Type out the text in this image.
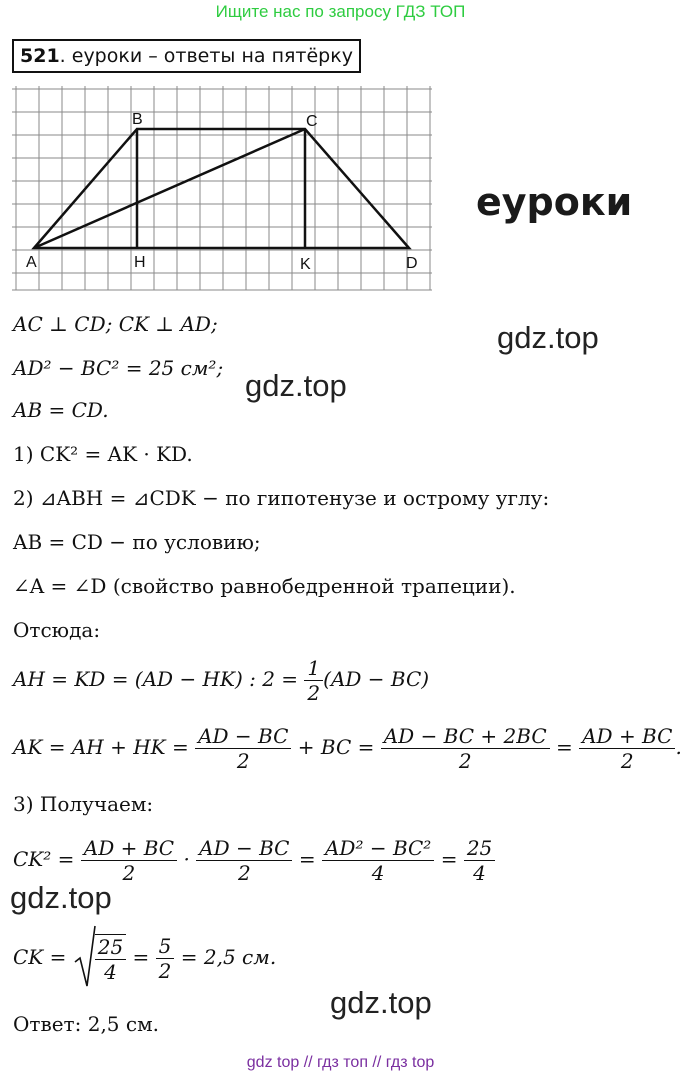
Ищите нас по запросу ГДЗ ТОП
521. еуроки – ответы на пятёрку
B	C
A	H	K	D
еуроки
gdz.top
gdz.top
gdz.top
gdz.top
AC ⊥ CD; CK ⊥ AD;
AD² − BC² = 25 см²;
AB = CD.
1) CK² = AK · KD.
2) ⊿ABH = ⊿CDK − по гипотенузе и острому углу:
AB = CD − по условию;
∠A = ∠D (свойство равнобедренной трапеции).
Отсюда:
AH = KD = (AD − HK) : $2 = \frac{1}{2} (AD - BC)$
AK = AH + HK = $\frac{AD - BC}{2}$ + BC = $\frac{AD - BC + 2BC}{2} = \frac{AD + BC}{2}$ .
3) Получаем:
$CK^2 = \frac{AD + BC}{2} \cdot \frac{AD - BC}{2} = \frac{\text{AD² − BC²}}{4} = \frac{25}{4}$
CK = $\frac{25}{4} = \frac{5}{2} = 2,5$ см.
Ответ: 2,5 см.
gdz top // гдз топ // гдз top
